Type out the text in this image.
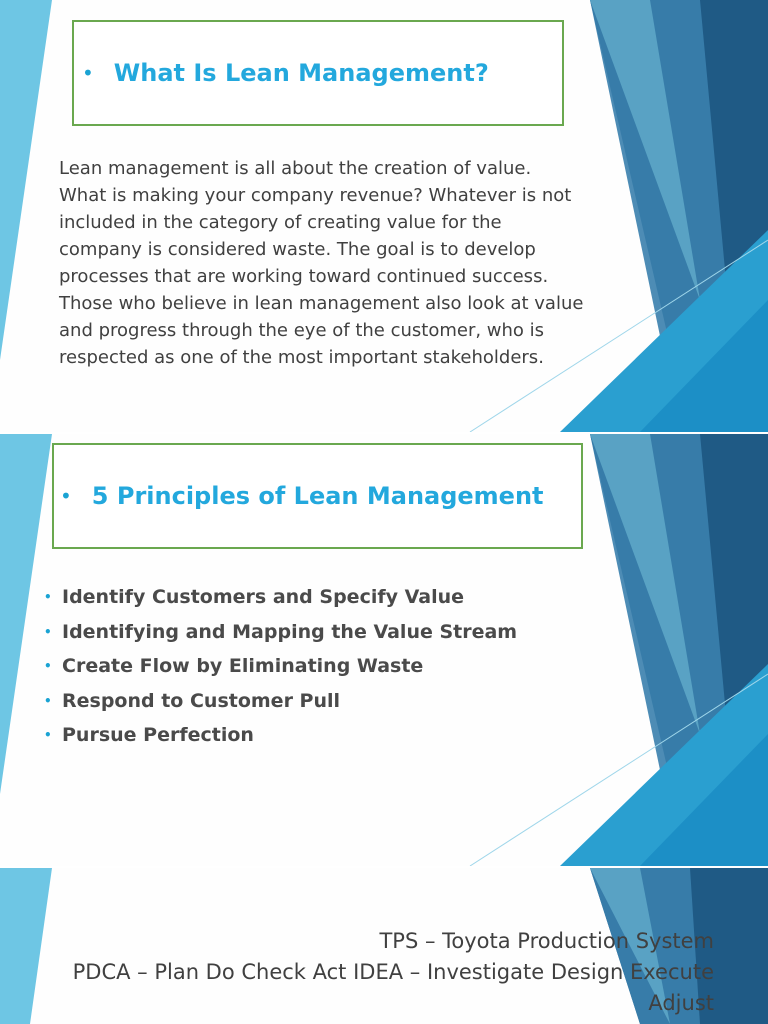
• What Is Lean Management?
Lean management is all about the creation of value.
What is making your company revenue? Whatever is not
included in the category of creating value for the
company is considered waste. The goal is to develop
processes that are working toward continued success.
Those who believe in lean management also look at value
and progress through the eye of the customer, who is
respected as one of the most important stakeholders.
• 5 Principles of Lean Management
• Identify Customers and Specify Value
• Identifying and Mapping the Value Stream
• Create Flow by Eliminating Waste
• Respond to Customer Pull
• Pursue Perfection
TPS – Toyota Production System
PDCA – Plan Do Check Act IDEA – Investigate Design Execute
Adjust
